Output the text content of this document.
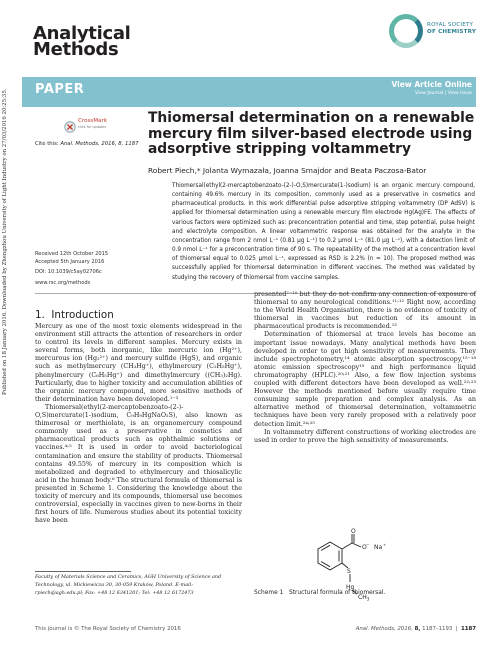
Published on 18 January 2016. Downloaded by Zhengzhou University of Light Industry on 27/03/2016 20:25:35.
Analytical
Methods
ROYAL SOCIETY
OF CHEMISTRY
PAPER	View Article Online
View Journal | View Issue
CrossMark
click for updates
Cite this: Anal. Methods, 2016, 8, 1187
Thiomersal determination on a renewable mercury film silver-based electrode using adsorptive stripping voltammetry
Robert Piech,* Jolanta Wymazała, Joanna Smajdor and Beata Paczosa-Bator
Thiomersal(ethyl(2-mercaptobenzoato-(2-)-O,S)mercurate(1-)sodium) is an organic mercury compound, containing 49.6% mercury in its composition, commonly used as a preservative in cosmetics and pharmaceutical products. In this work differential pulse adsorptive stripping voltammetry (DP AdSV) is applied for thiomersal determination using a renewable mercury film electrode Hg(Ag)FE. The effects of various factors were optimized such as: preconcentration potential and time, step potential, pulse height and electrolyte composition. A linear voltammetric response was obtained for the analyte in the concentration range from 2 nmol L⁻¹ (0.81 µg L⁻¹) to 0.2 µmol L⁻¹ (81.0 µg L⁻¹), with a detection limit of 0.9 nmol L⁻¹ for a preconcentration time of 90 s. The repeatability of the method at a concentration level of thiomersal equal to 0.025 µmol L⁻¹, expressed as RSD is 2.2% (n = 10). The proposed method was successfully applied for thiomersal determination in different vaccines. The method was validated by studying the recovery of thiomersal from vaccine samples.
Received 12th October 2015
Accepted 5th January 2016
DOI: 10.1039/c5ay02706c
www.rsc.org/methods
1. Introduction

Mercury as one of the most toxic elements widespread in the environment still attracts the attention of researchers in order to control its levels in different samples. Mercury exists in several forms, both inorganic, like mercuric ion (Hg²⁺), mercurous ion (Hg₂²⁺) and mercury sulfide (HgS), and organic such as methylmercury (CH₃Hg⁺), ethylmercury (C₂H₅Hg⁺), phenylmercury (C₆H₅Hg⁺) and dimethylmercury ((CH₃)₂Hg). Particularly, due to higher toxicity and accumulation abilities of the organic mercury compound, more sensitive methods of their determination have been developed.¹⁻³

Thiomersal(ethyl(2-mercaptobenzoato-(2-)-O,S)mercurate(1-)sodium, C₉H₉HgNaO₂S), also known as thimerosal or merthiolate, is an organomercury compound commonly used as a preservative in cosmetics and pharmaceutical products such as ophthalmic solutions or vaccines.⁴˒⁵ It is used in order to avoid bacteriological contamination and ensure the stability of products. Thiomersal contains 49.55% of mercury in its composition which is metabolized and degraded to ethylmercury and thiosalicylic acid in the human body.⁶ The structural formula of thiomersal is presented in Scheme 1. Considering the knowledge about the toxicity of mercury and its compounds, thiomersal use becomes controversial, especially in vaccines given to new-borns in their first hours of life. Numerous studies about its potential toxicity have been

presented⁷⁻¹⁰ but they do not confirm any connection of exposure of thiomersal to any neurological conditions.¹¹˒¹² Right now, according to the World Health Organisation, there is no evidence of toxicity of thiomersal in vaccines but reduction of its amount in pharmaceutical products is recommended.¹³

Determination of thiomersal at trace levels has become an important issue nowadays. Many analytical methods have been developed in order to get high sensitivity of measurements. They include spectrophotometry,¹⁴ atomic absorption spectroscopy,¹⁵⁻¹⁸ atomic emission spectroscopy¹⁹ and high performance liquid chromatography (HPLC).²⁰˒²¹ Also, a few flow injection systems coupled with different detectors have been developed as well.²²˒²³ However the methods mentioned before usually require time consuming sample preparation and complex analysis. As an alternative method of thiomersal determination, voltammetric techniques have been very rarely proposed with a relatively poor detection limit.²⁴˒²⁵

In voltammetry different constructions of working electrodes are used in order to prove the high sensitivity of measurements.

Faculty of Materials Science and Ceramics, AGH University of Science and Technology, ul. Mickiewicza 30, 30-059 Kraków, Poland. E-mail: rpiech@agh.edu.pl; Fax: +48 12 6341201; Tel: +48 12 6172473
O
O − Na +
S
Hg
$CH_3$
Scheme 1 Structural formula of thiomersal.
This journal is © The Royal Society of Chemistry 2016	Anal. Methods, 2016, 8, 1187–1193  |  1187
